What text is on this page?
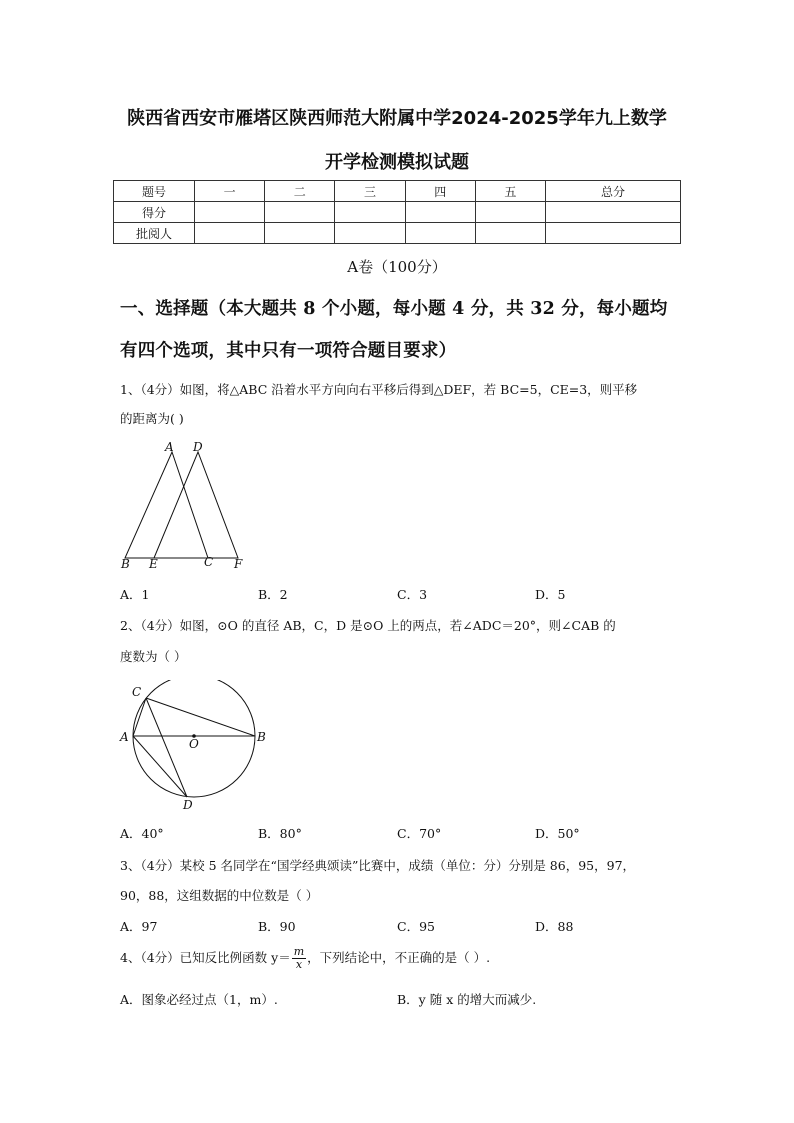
陕西省西安市雁塔区陕西师范大附属中学2024-2025学年九上数学
开学检测模拟试题
题号	一	二	三	四	五	总分
得分						
批阅人						
A卷（100分）
一、选择题（本大题共 8 个小题，每小题 4 分，共 32 分，每小题均
有四个选项，其中只有一项符合题目要求）
1、（4分）如图，将△ABC 沿着水平方向向右平移后得到△DEF，若 BC=5，CE=3，则平移
的距离为( )
A D
B E	C F
A．1	B．2	C．3	D．5
2、（4分）如图，⊙O 的直径 AB，C，D 是⊙O 上的两点，若∠ADC＝20°，则∠CAB 的
度数为（ ）
C
A	O	B
D
A．40°	B．80°	C．70°	D．50°
3、（4分）某校 5 名同学在“国学经典颂读”比赛中，成绩（单位：分）分别是 86，95，97，
90，88，这组数据的中位数是（ ）
A．97	B．90	C．95	D．88
4、（4分）已知反比例函数 $y= \frac{m}{x}$ ，下列结论中，不正确的是（ ）.
A．图象必经过点（1，m）.	B．y 随 x 的增大而减少.
